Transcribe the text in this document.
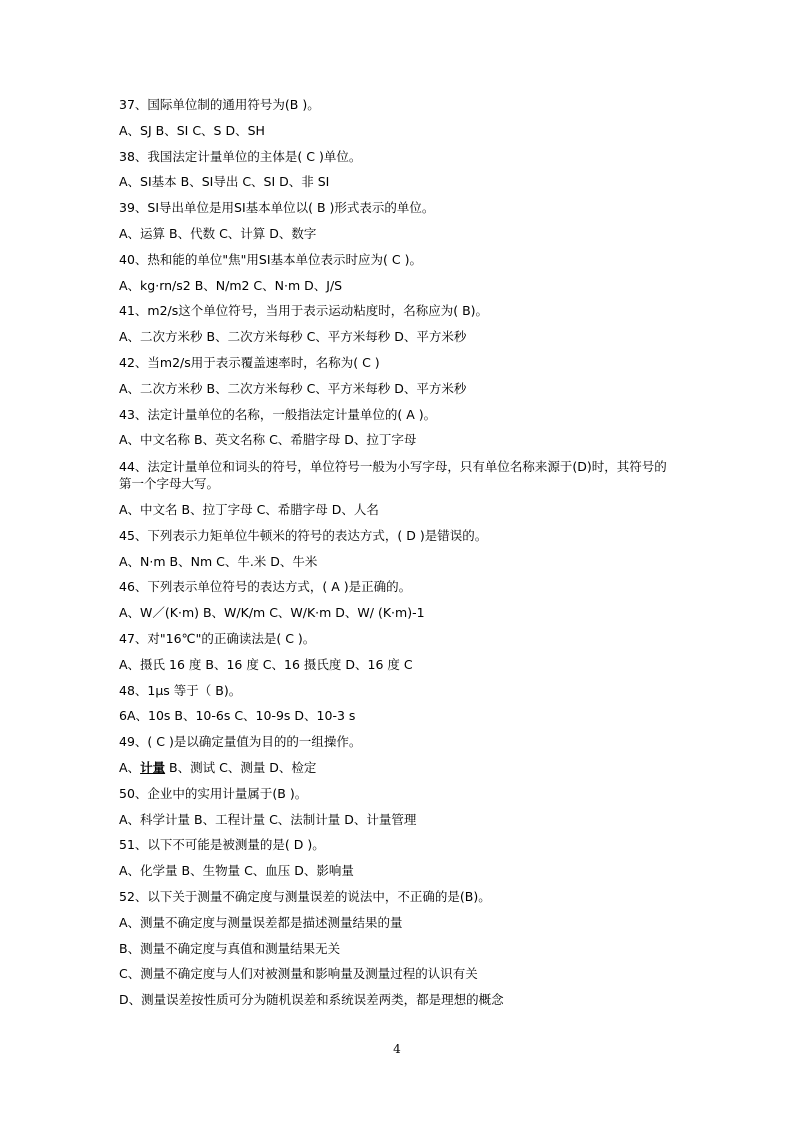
37、国际单位制的通用符号为(B )。
A、SJ B、SI C、S D、SH
38、我国法定计量单位的主体是( C )单位。
A、SI基本 B、SI导出 C、SI D、非 SI
39、SI导出单位是用SI基本单位以( B )形式表示的单位。
A、运算 B、代数 C、计算 D、数字
40、热和能的单位"焦"用SI基本单位表示时应为( C )。
A、kg·rn/s2 B、N/m2 C、N·m D、J/S
41、m2/s这个单位符号，当用于表示运动粘度时，名称应为( B)。
A、二次方米秒 B、二次方米每秒 C、平方米每秒 D、平方米秒
42、当m2/s用于表示覆盖速率时，名称为( C )
A、二次方米秒 B、二次方米每秒 C、平方米每秒 D、平方米秒
43、法定计量单位的名称，一般指法定计量单位的( A )。
A、中文名称 B、英文名称 C、希腊字母 D、拉丁字母
44、法定计量单位和词头的符号，单位符号一般为小写字母，只有单位名称来源于(D)时，其符号的第一个字母大写。
A、中文名 B、拉丁字母 C、希腊字母 D、人名
45、下列表示力矩单位牛顿米的符号的表达方式，( D )是错误的。
A、N·m B、Nm C、牛.米 D、牛米
46、下列表示单位符号的表达方式，( A )是正确的。
A、W／(K·m) B、W/K/m C、W/K·m D、W/ (K·m)-1
47、对"16℃"的正确读法是( C )。
A、摄氏 16 度 B、16 度 C、16 摄氏度 D、16 度 C
48、1μs 等于（ B)。
6A、10s B、10-6s C、10-9s D、10-3 s
49、( C )是以确定量值为目的的一组操作。
A、计量 B、测试 C、测量 D、检定
50、企业中的实用计量属于(B )。
A、科学计量 B、工程计量 C、法制计量 D、计量管理
51、以下不可能是被测量的是( D )。
A、化学量 B、生物量 C、血压 D、影响量
52、以下关于测量不确定度与测量误差的说法中，不正确的是(B)。
A、测量不确定度与测量误差都是描述测量结果的量
B、测量不确定度与真值和测量结果无关
C、测量不确定度与人们对被测量和影响量及测量过程的认识有关
D、测量误差按性质可分为随机误差和系统误差两类，都是理想的概念
4
